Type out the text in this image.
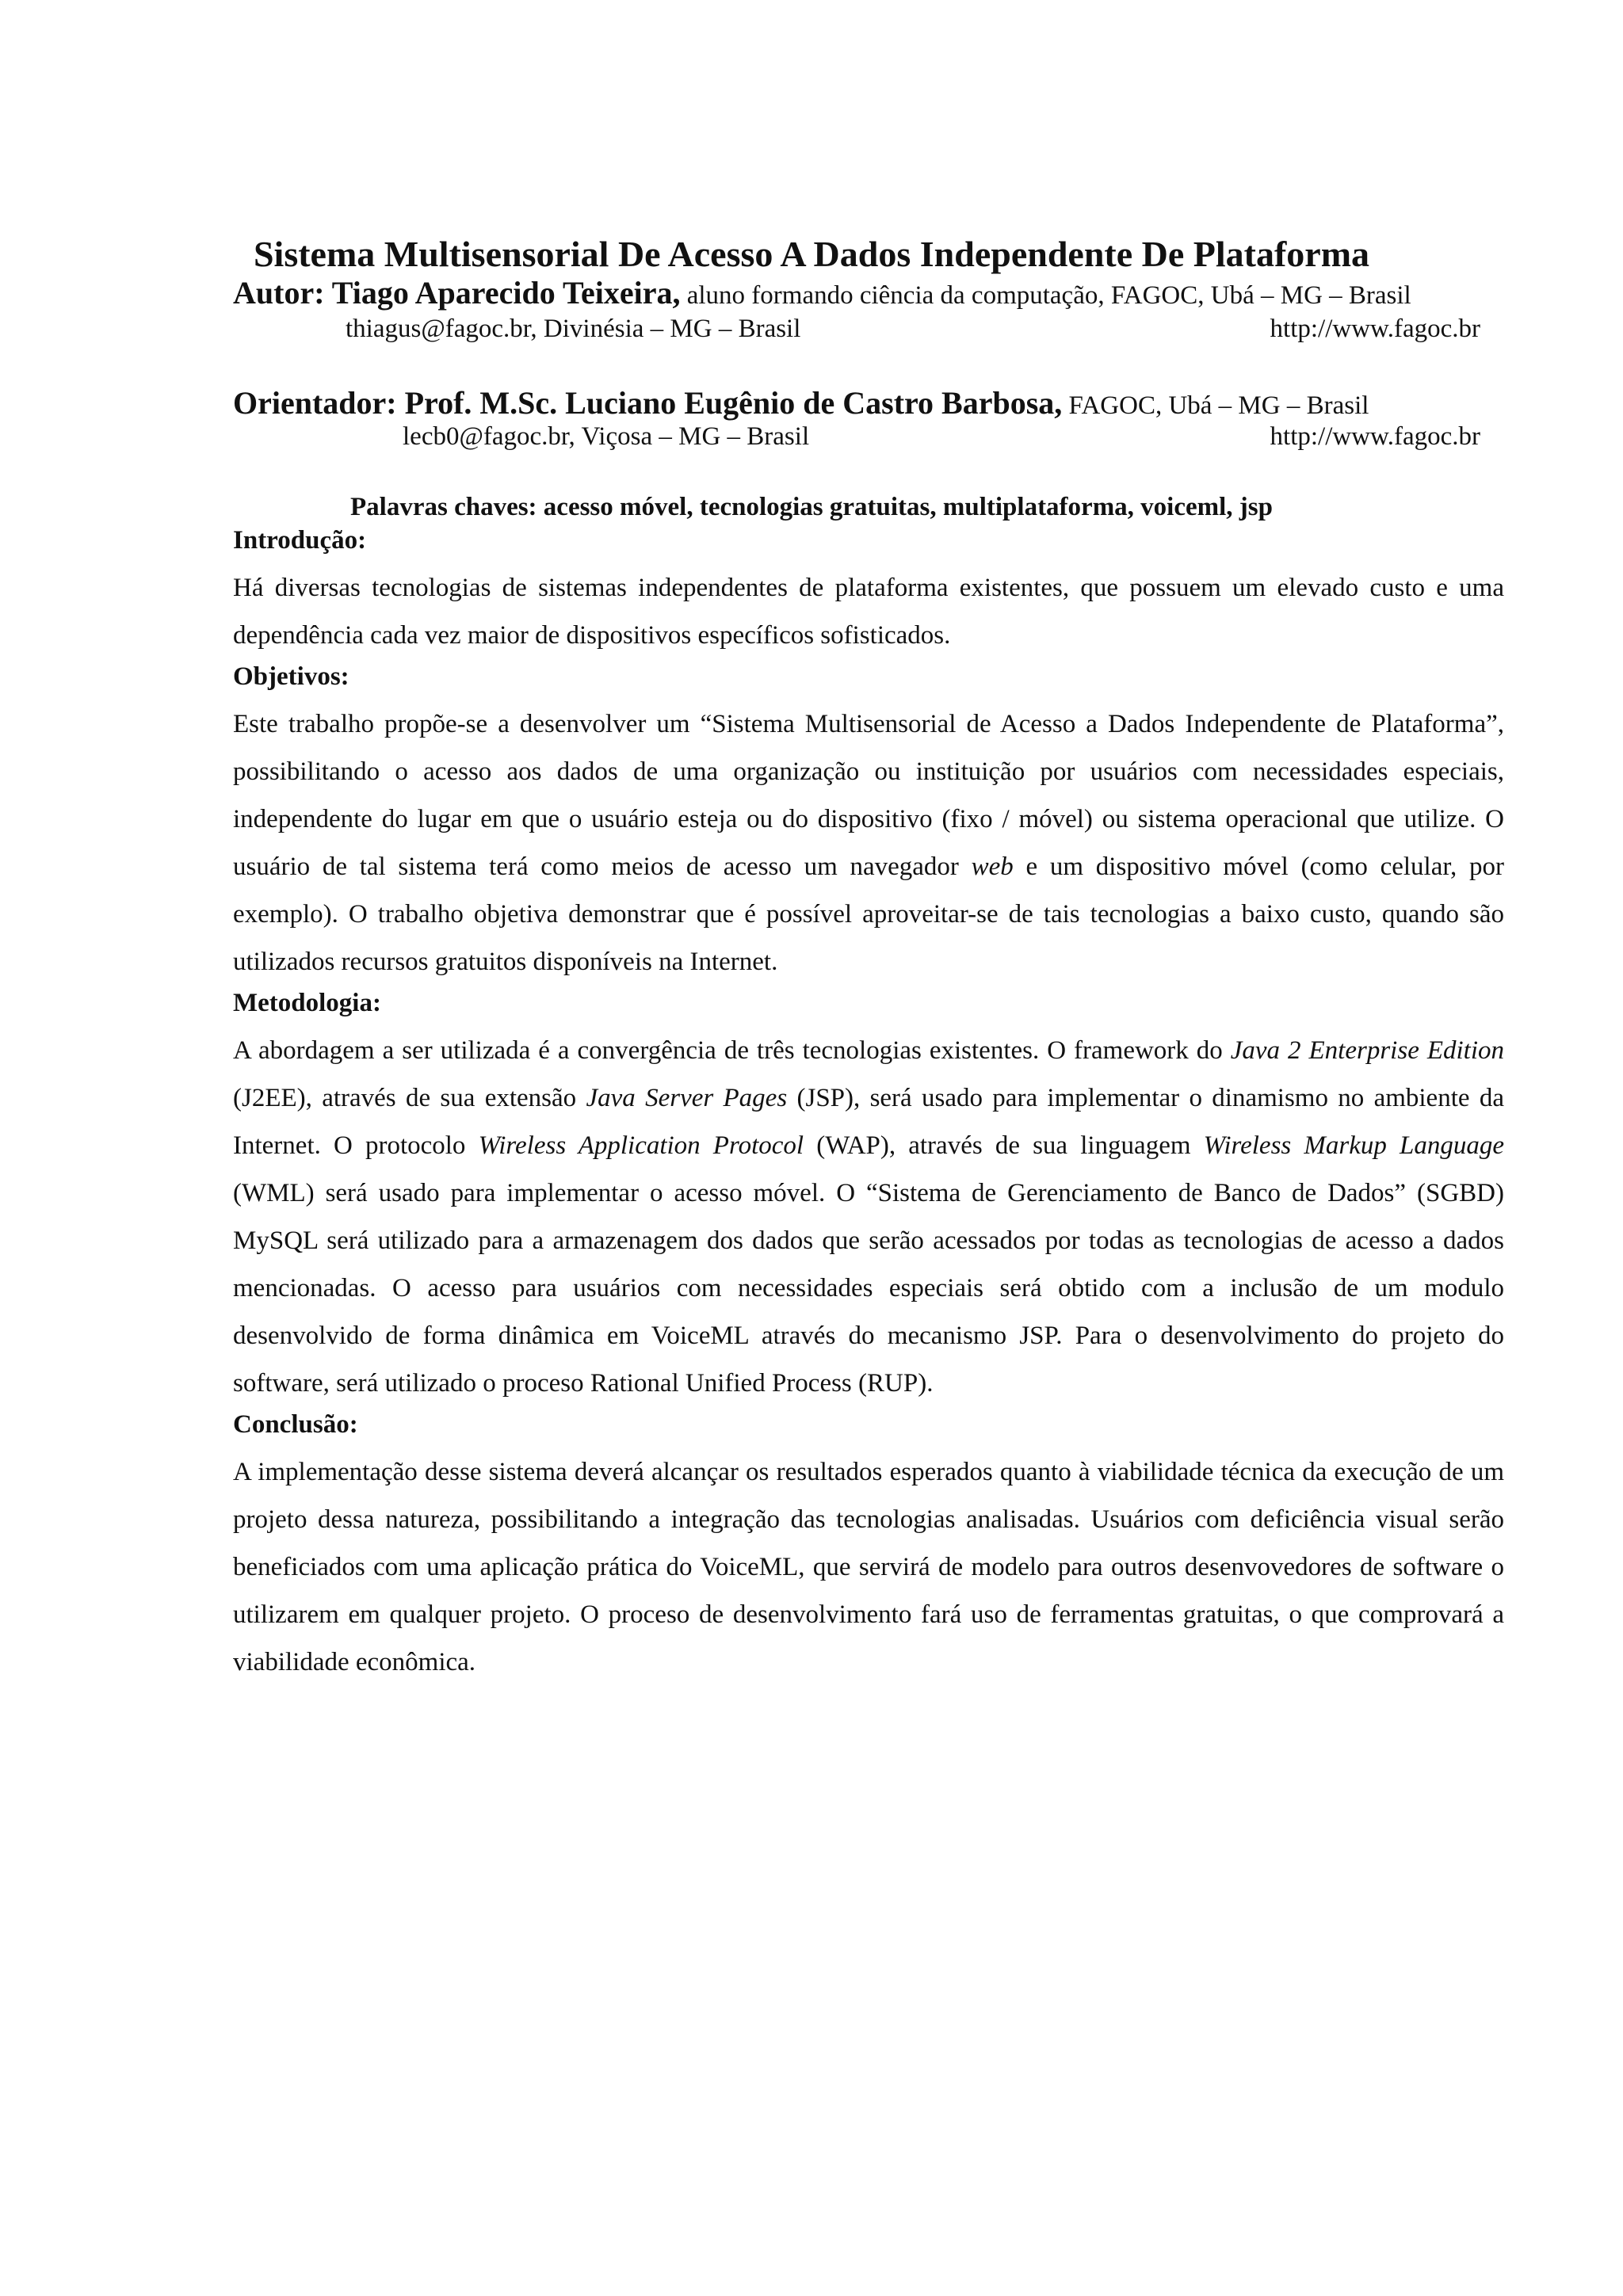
Sistema Multisensorial De Acesso A Dados Independente De Plataforma
Autor: Tiago Aparecido Teixeira, aluno formando ciência da computação, FAGOC, Ubá – MG – Brasil
thiagus@fagoc.br, Divinésia – MG – Brasil	http://www.fagoc.br
Orientador: Prof. M.Sc. Luciano Eugênio de Castro Barbosa, FAGOC, Ubá – MG – Brasil
lecb0@fagoc.br, Viçosa – MG – Brasil	http://www.fagoc.br
Palavras chaves: acesso móvel, tecnologias gratuitas, multiplataforma, voiceml, jsp

Introdução:

Há diversas tecnologias de sistemas independentes de plataforma existentes, que possuem um elevado custo e uma dependência cada vez maior de dispositivos específicos sofisticados.

Objetivos:

Este trabalho propõe-se a desenvolver um “Sistema Multisensorial de Acesso a Dados Independente de Plataforma”, possibilitando o acesso aos dados de uma organização ou instituição por usuários com necessidades especiais, independente do lugar em que o usuário esteja ou do dispositivo (fixo / móvel) ou sistema operacional que utilize. O usuário de tal sistema terá como meios de acesso um navegador web e um dispositivo móvel (como celular, por exemplo). O trabalho objetiva demonstrar que é possível aproveitar-se de tais tecnologias a baixo custo, quando são utilizados recursos gratuitos disponíveis na Internet.

Metodologia:

A abordagem a ser utilizada é a convergência de três tecnologias existentes. O framework do Java 2 Enterprise Edition (J2EE), através de sua extensão Java Server Pages (JSP), será usado para implementar o dinamismo no ambiente da Internet. O protocolo Wireless Application Protocol (WAP), através de sua linguagem Wireless Markup Language (WML) será usado para implementar o acesso móvel. O “Sistema de Gerenciamento de Banco de Dados” (SGBD) MySQL será utilizado para a armazenagem dos dados que serão acessados por todas as tecnologias de acesso a dados mencionadas. O acesso para usuários com necessidades especiais será obtido com a inclusão de um modulo desenvolvido de forma dinâmica em VoiceML através do mecanismo JSP. Para o desenvolvimento do projeto do software, será utilizado o proceso Rational Unified Process (RUP).

Conclusão:

A implementação desse sistema deverá alcançar os resultados esperados quanto à viabilidade técnica da execução de um projeto dessa natureza, possibilitando a integração das tecnologias analisadas. Usuários com deficiência visual serão beneficiados com uma aplicação prática do VoiceML, que servirá de modelo para outros desenvovedores de software o utilizarem em qualquer projeto. O proceso de desenvolvimento fará uso de ferramentas gratuitas, o que comprovará a viabilidade econômica.
